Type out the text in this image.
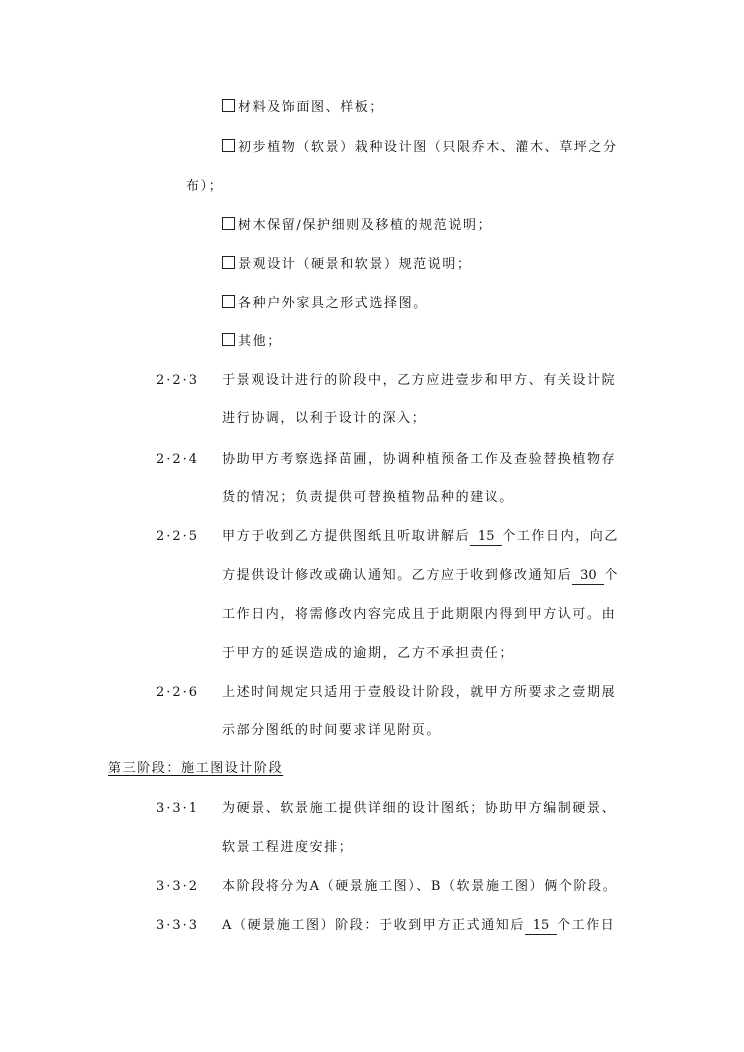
材料及饰面图、样板；
初步植物（软景）栽种设计图（只限乔木、灌木、草坪之分
布）；
树木保留/保护细则及移植的规范说明；
景观设计（硬景和软景）规范说明；
各种户外家具之形式选择图。
其他；
2·2·3 于景观设计进行的阶段中，乙方应进壹步和甲方、有关设计院
进行协调，以利于设计的深入；
2·2·4 协助甲方考察选择苗圃，协调种植预备工作及查验替换植物存
货的情况；负责提供可替换植物品种的建议。
2·2·5 甲方于收到乙方提供图纸且听取讲解后 15 个工作日内，向乙
方提供设计修改或确认通知。乙方应于收到修改通知后 30 个
工作日内，将需修改内容完成且于此期限内得到甲方认可。由
于甲方的延误造成的逾期，乙方不承担责任；
2·2·6 上述时间规定只适用于壹般设计阶段，就甲方所要求之壹期展
示部分图纸的时间要求详见附页。
第三阶段：施工图设计阶段
3·3·1 为硬景、软景施工提供详细的设计图纸；协助甲方编制硬景、
软景工程进度安排；
3·3·2 本阶段将分为A（硬景施工图）、B（软景施工图）俩个阶段。
3·3·3 A（硬景施工图）阶段：于收到甲方正式通知后 15 个工作日
